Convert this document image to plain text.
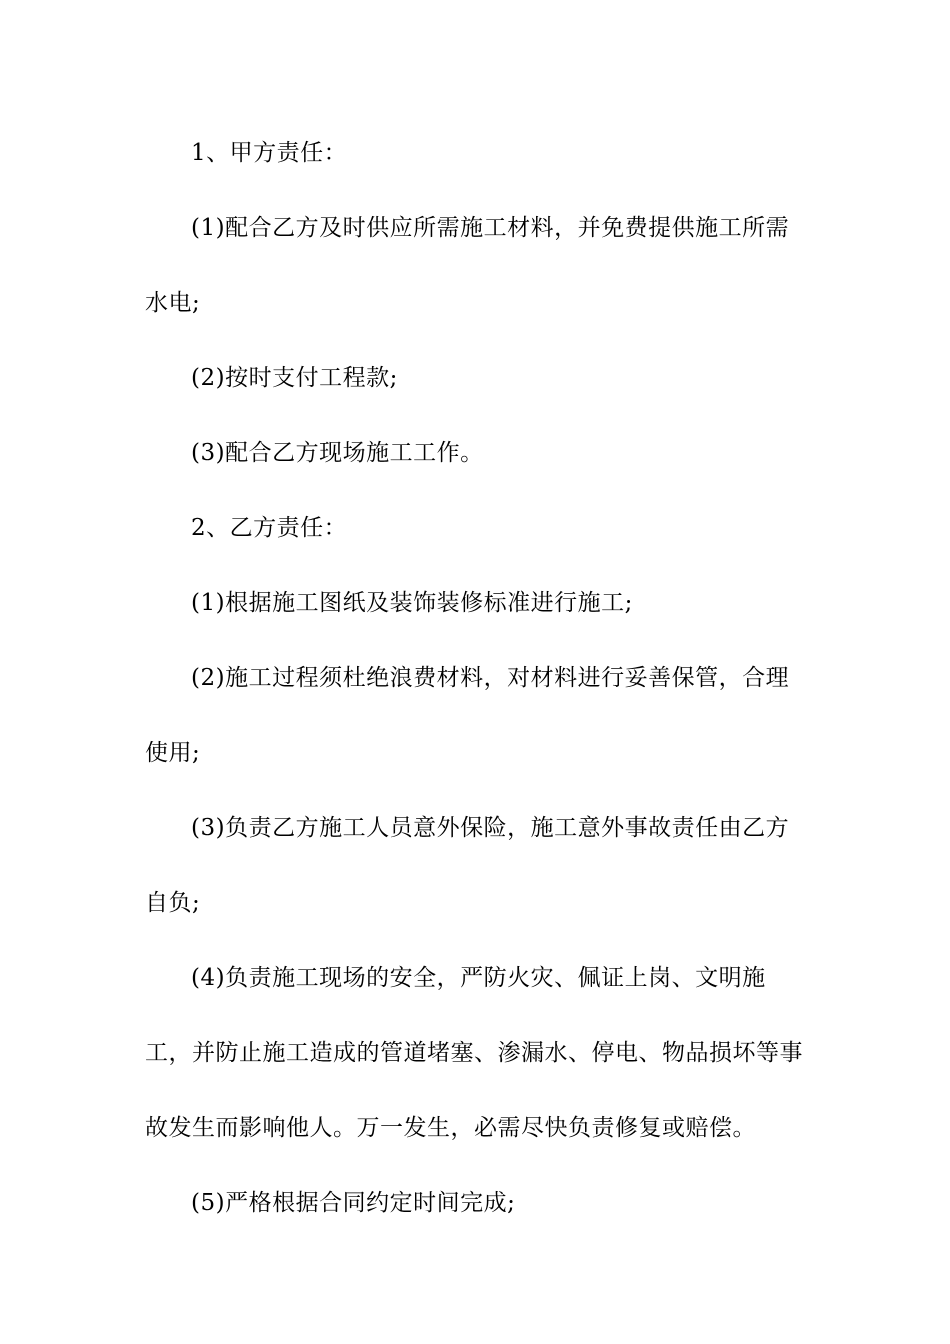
1、甲方责任：

(1)配合乙方及时供应所需施工材料，并免费提供施工所需水电;

(2)按时支付工程款;

(3)配合乙方现场施工工作。

2、乙方责任：

(1)根据施工图纸及装饰装修标准进行施工;

(2)施工过程须杜绝浪费材料，对材料进行妥善保管，合理使用;

(3)负责乙方施工人员意外保险，施工意外事故责任由乙方自负;

(4)负责施工现场的安全，严防火灾、佩证上岗、文明施工，并防止施工造成的管道堵塞、渗漏水、停电、物品损坏等事故发生而影响他人。万一发生，必需尽快负责修复或赔偿。

(5)严格根据合同约定时间完成;
